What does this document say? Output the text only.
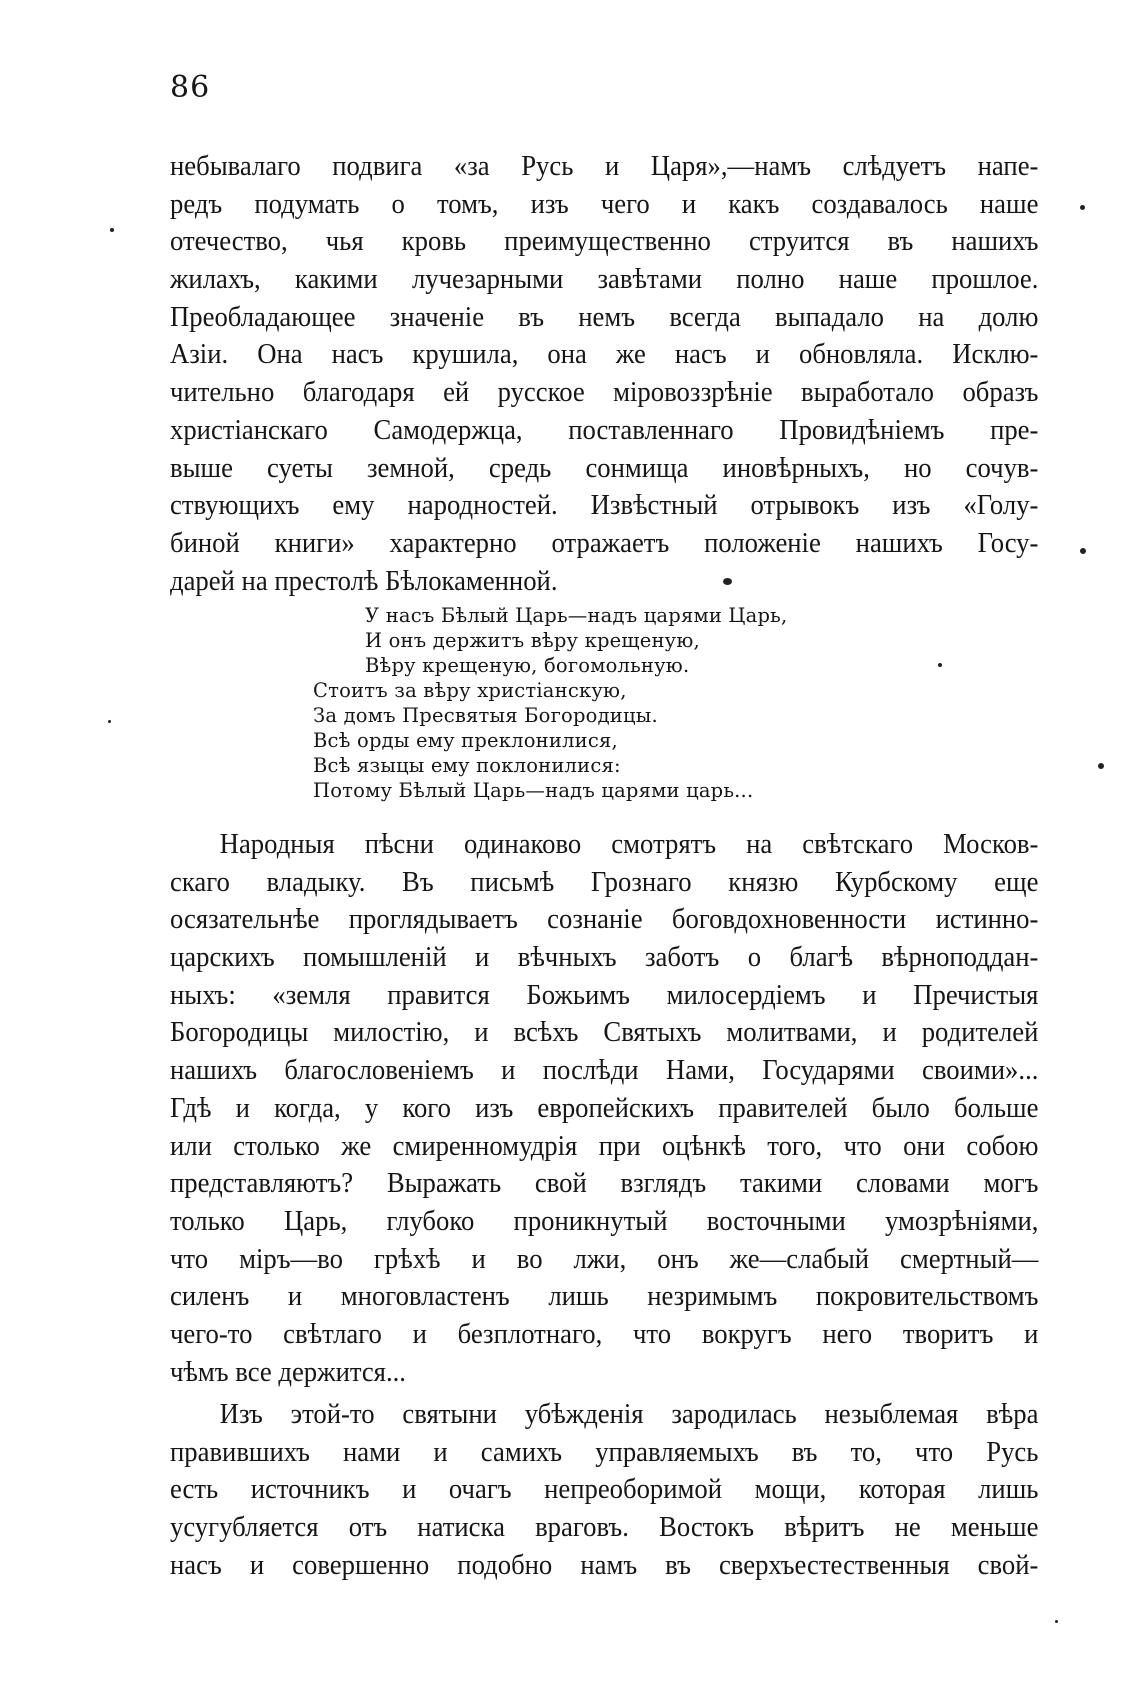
86
небывалаго подвига «за Русь и Царя»,—намъ слѣдуетъ напе-
редъ подумать о томъ, изъ чего и какъ создавалось наше
отечество, чья кровь преимущественно струится въ нашихъ
жилахъ, какими лучезарными завѣтами полно наше прошлое.
Преобладающее значеніе въ немъ всегда выпадало на долю
Азіи. Она насъ крушила, она же насъ и обновляла. Исклю-
чительно благодаря ей русское міровоззрѣніе выработало образъ
христіанскаго Самодержца, поставленнаго Провидѣніемъ пре-
выше суеты земной, средь сонмища иновѣрныхъ, но сочув-
ствующихъ ему народностей. Извѣстный отрывокъ изъ «Голу-
биной книги» характерно отражаетъ положеніе нашихъ Госу-
дарей на престолѣ Бѣлокаменной.
У насъ Бѣлый Царь—надъ царями Царь,
И онъ держитъ вѣру крещеную,
Вѣру крещеную, богомольную.
Стоитъ за вѣру христіанскую,
За домъ Пресвятыя Богородицы.
Всѣ орды ему преклонилися,
Всѣ языцы ему поклонилися:
Потому Бѣлый Царь—надъ царями царь...
Народныя пѣсни одинаково смотрятъ на свѣтскаго Москов-
скаго владыку. Въ письмѣ Грознаго князю Курбскому еще
осязательнѣе проглядываетъ сознаніе боговдохновенности истинно-
царскихъ помышленій и вѣчныхъ заботъ о благѣ вѣрноподдан-
ныхъ: «земля правится Божьимъ милосердіемъ и Пречистыя
Богородицы милостію, и всѣхъ Святыхъ молитвами, и родителей
нашихъ благословеніемъ и послѣди Нами, Государями своими»...
Гдѣ и когда, у кого изъ европейскихъ правителей было больше
или столько же смиренномудрія при оцѣнкѣ того, что они собою
представляютъ? Выражать свой взглядъ такими словами могъ
только Царь, глубоко проникнутый восточными умозрѣніями,
что міръ—во грѣхѣ и во лжи, онъ же—слабый смертный—
силенъ и многовластенъ лишь незримымъ покровительствомъ
чего-то свѣтлаго и безплотнаго, что вокругъ него творитъ и
чѣмъ все держится...
Изъ этой-то святыни убѣжденія зародилась незыблемая вѣра
правившихъ нами и самихъ управляемыхъ въ то, что Русь
есть источникъ и очагъ непреоборимой мощи, которая лишь
усугубляется отъ натиска враговъ. Востокъ вѣритъ не меньше
насъ и совершенно подобно намъ въ сверхъестественныя свой-
